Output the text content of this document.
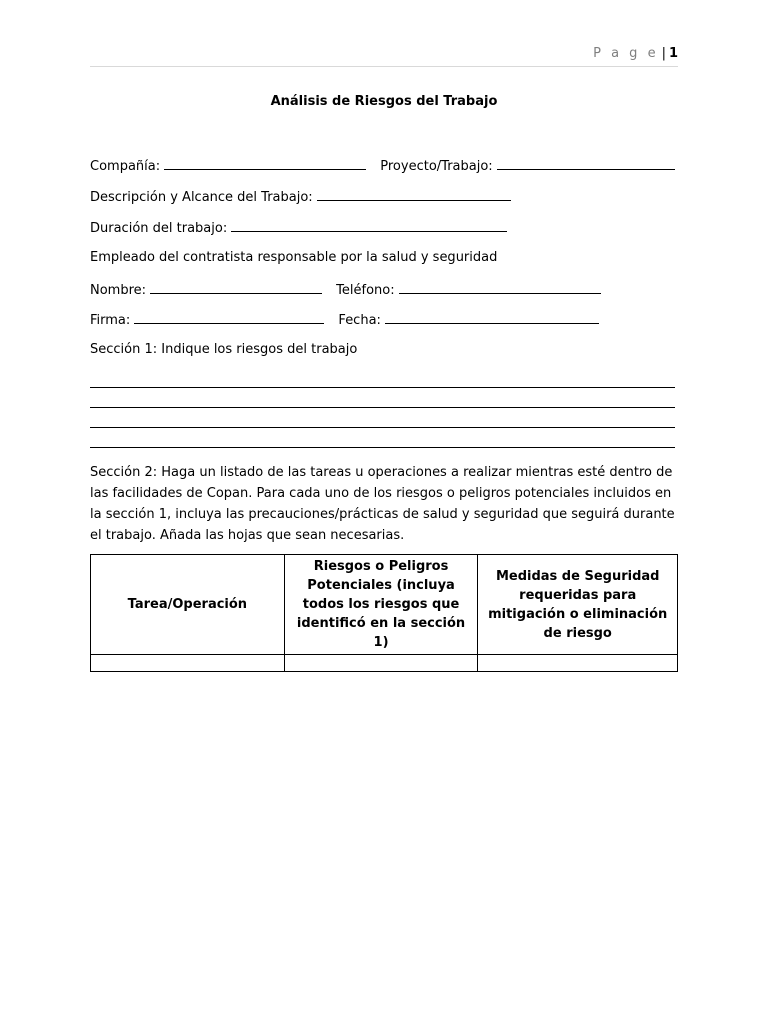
P a g e | 1
Análisis de Riesgos del Trabajo
Compañía:	Proyecto/Trabajo:
Descripción y Alcance del Trabajo:
Duración del trabajo:
Empleado del contratista responsable por la salud y seguridad
Nombre:	Teléfono:
Firma:	Fecha:
Sección 1: Indique los riesgos del trabajo
Sección 2: Haga un listado de las tareas u operaciones a realizar mientras esté dentro de las facilidades de Copan. Para cada uno de los riesgos o peligros potenciales incluidos en la sección 1, incluya las precauciones/prácticas de salud y seguridad que seguirá durante el trabajo. Añada las hojas que sean necesarias.
Tarea/Operación	Riesgos o Peligros Potenciales (incluya todos los riesgos que identificó en la sección 1)	Medidas de Seguridad requeridas para mitigación o eliminación de riesgo
